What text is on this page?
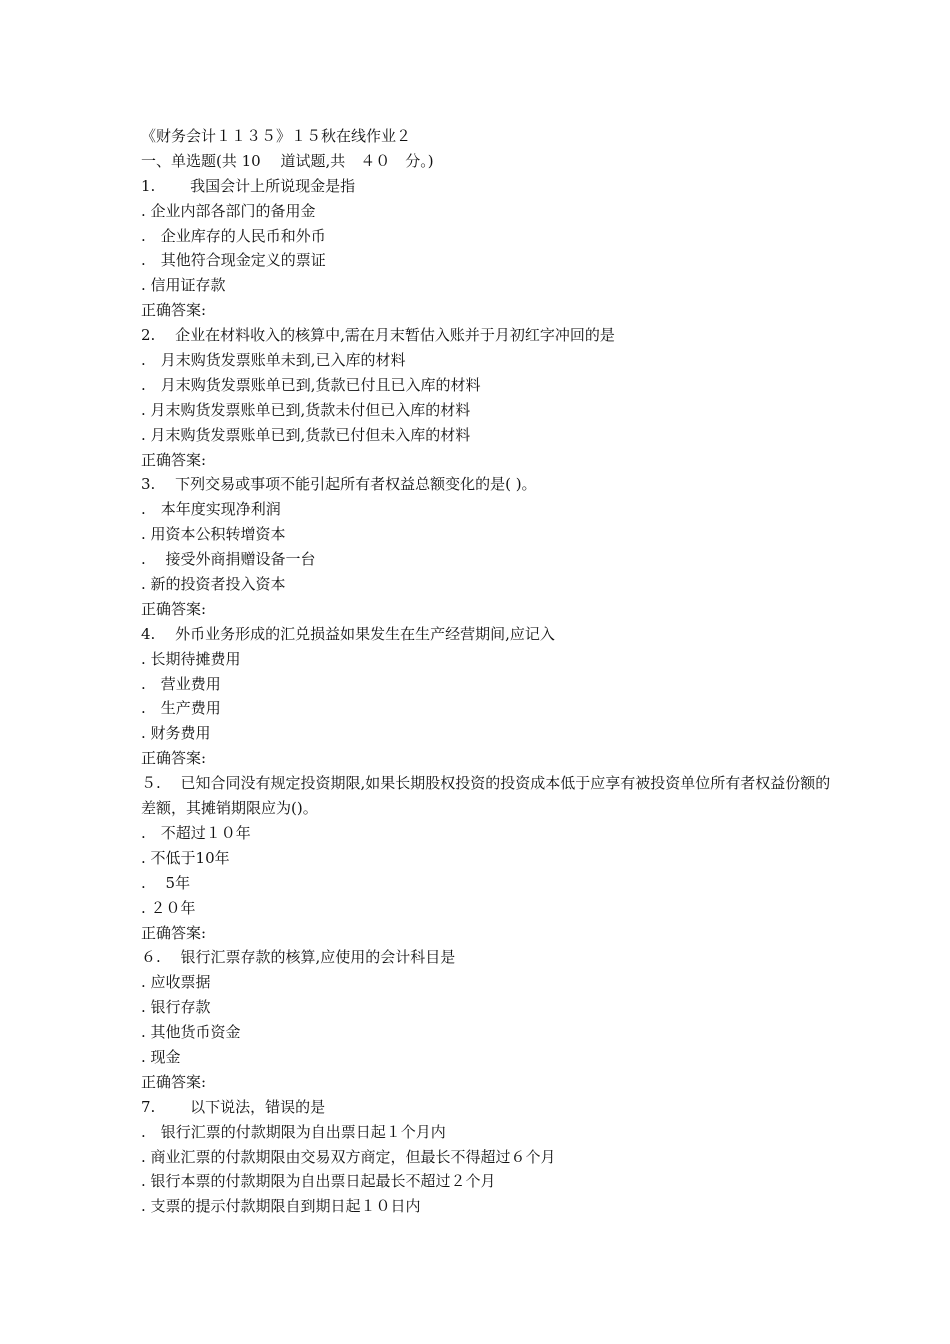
《财务会计１１３５》１５秋在线作业２
一、单选题(共 10　 道试题,共　４０　分。)
1.　　 我国会计上所说现金是指
. 企业内部各部门的备用金
.　企业库存的人民币和外币
.　其他符合现金定义的票证
. 信用证存款
正确答案:
2.　 企业在材料收入的核算中,需在月末暂估入账并于月初红字冲回的是
.　月末购货发票账单未到,已入库的材料
.　月末购货发票账单已到,货款已付且已入库的材料
. 月末购货发票账单已到,货款未付但已入库的材料
. 月末购货发票账单已到,货款已付但未入库的材料
正确答案:
3.　 下列交易或事项不能引起所有者权益总额变化的是( )。
.　本年度实现净利润
. 用资本公积转增资本
.　 接受外商捐赠设备一台
. 新的投资者投入资本
正确答案:
4.　 外币业务形成的汇兑损益如果发生在生产经营期间,应记入
. 长期待摊费用
.　营业费用
.　生产费用
. 财务费用
正确答案:
５.　 已知合同没有规定投资期限,如果长期股权投资的投资成本低于应享有被投资单位所有者权益份额的差额，其摊销期限应为()。
.　不超过１０年
. 不低于10年
.　 5年
. ２０年
正确答案:
６.　 银行汇票存款的核算,应使用的会计科目是
. 应收票据
. 银行存款
. 其他货币资金
. 现金
正确答案:
7.　　 以下说法，错误的是
.　银行汇票的付款期限为自出票日起１个月内
. 商业汇票的付款期限由交易双方商定，但最长不得超过６个月
. 银行本票的付款期限为自出票日起最长不超过２个月
. 支票的提示付款期限自到期日起１０日内
